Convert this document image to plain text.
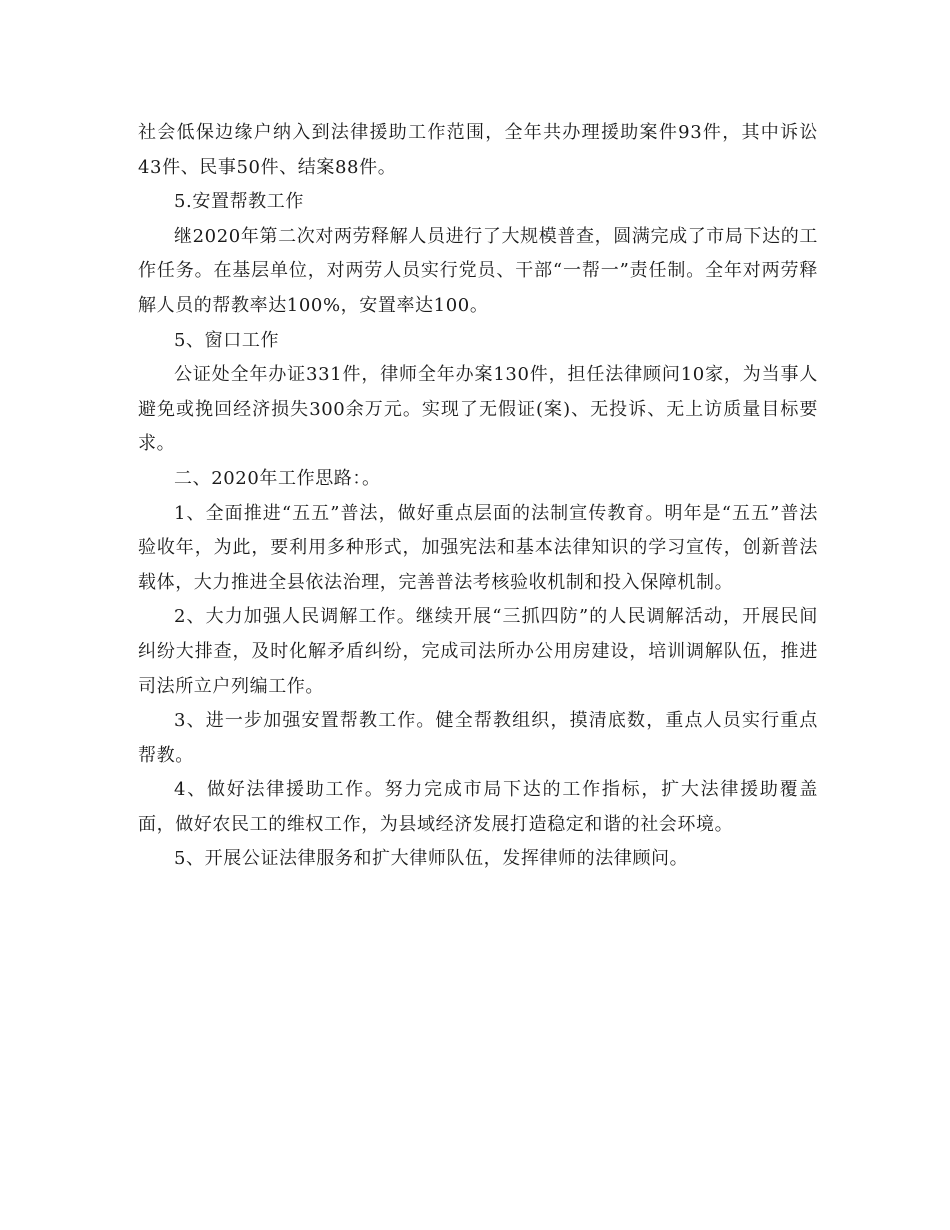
社会低保边缘户纳入到法律援助工作范围，全年共办理援助案件93件，其中诉讼43件、民事50件、结案88件。

5.安置帮教工作

继2020年第二次对两劳释解人员进行了大规模普查，圆满完成了市局下达的工作任务。在基层单位，对两劳人员实行党员、干部“一帮一”责任制。全年对两劳释解人员的帮教率达100%，安置率达100。

5、窗口工作

公证处全年办证331件，律师全年办案130件，担任法律顾问10家，为当事人避免或挽回经济损失300余万元。实现了无假证(案)、无投诉、无上访质量目标要求。

二、2020年工作思路：。

1、全面推进“五五”普法，做好重点层面的法制宣传教育。明年是“五五”普法验收年，为此，要利用多种形式，加强宪法和基本法律知识的学习宣传，创新普法载体，大力推进全县依法治理，完善普法考核验收机制和投入保障机制。

2、大力加强人民调解工作。继续开展“三抓四防”的人民调解活动，开展民间纠纷大排查，及时化解矛盾纠纷，完成司法所办公用房建设，培训调解队伍，推进司法所立户列编工作。

3、进一步加强安置帮教工作。健全帮教组织，摸清底数，重点人员实行重点帮教。

4、做好法律援助工作。努力完成市局下达的工作指标，扩大法律援助覆盖面，做好农民工的维权工作，为县域经济发展打造稳定和谐的社会环境。

5、开展公证法律服务和扩大律师队伍，发挥律师的法律顾问。
